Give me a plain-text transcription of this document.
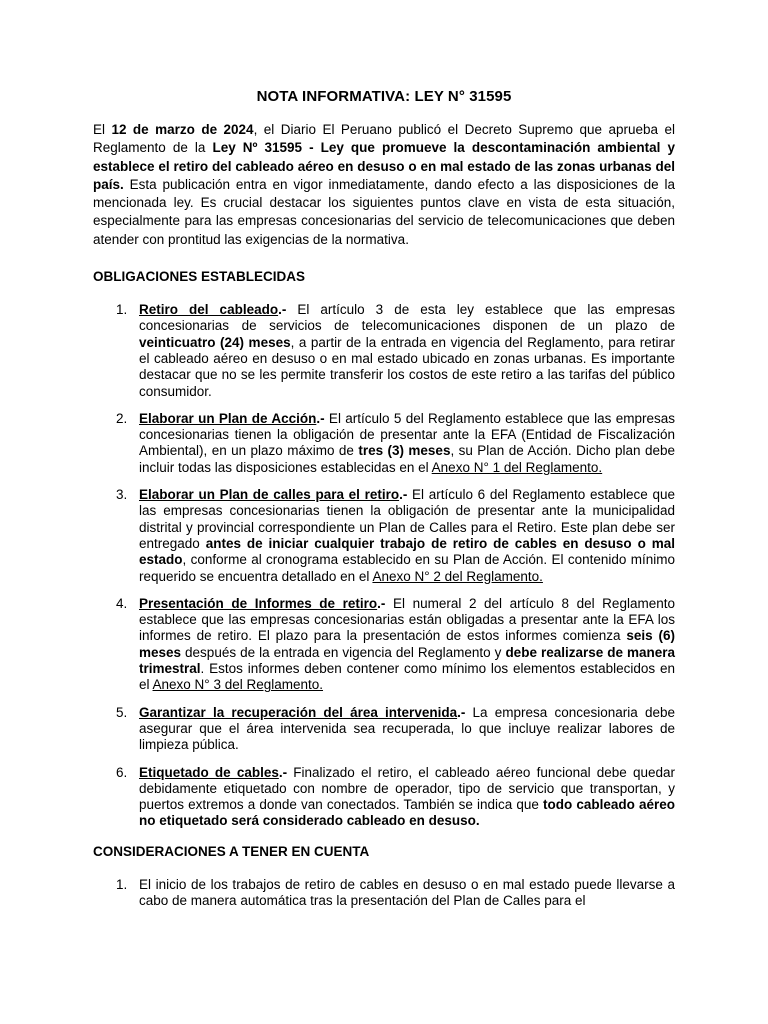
NOTA INFORMATIVA: LEY N° 31595

El 12 de marzo de 2024, el Diario El Peruano publicó el Decreto Supremo que aprueba el Reglamento de la Ley Nº 31595 - Ley que promueve la descontaminación ambiental y establece el retiro del cableado aéreo en desuso o en mal estado de las zonas urbanas del país. Esta publicación entra en vigor inmediatamente, dando efecto a las disposiciones de la mencionada ley. Es crucial destacar los siguientes puntos clave en vista de esta situación, especialmente para las empresas concesionarias del servicio de telecomunicaciones que deben atender con prontitud las exigencias de la normativa.

OBLIGACIONES ESTABLECIDAS
1. Retiro del cableado.- El artículo 3 de esta ley establece que las empresas concesionarias de servicios de telecomunicaciones disponen de un plazo de veinticuatro (24) meses, a partir de la entrada en vigencia del Reglamento, para retirar el cableado aéreo en desuso o en mal estado ubicado en zonas urbanas. Es importante destacar que no se les permite transferir los costos de este retiro a las tarifas del público consumidor.
2. Elaborar un Plan de Acción.- El artículo 5 del Reglamento establece que las empresas concesionarias tienen la obligación de presentar ante la EFA (Entidad de Fiscalización Ambiental), en un plazo máximo de tres (3) meses, su Plan de Acción. Dicho plan debe incluir todas las disposiciones establecidas en el Anexo N° 1 del Reglamento.
3. Elaborar un Plan de calles para el retiro.- El artículo 6 del Reglamento establece que las empresas concesionarias tienen la obligación de presentar ante la municipalidad distrital y provincial correspondiente un Plan de Calles para el Retiro. Este plan debe ser entregado antes de iniciar cualquier trabajo de retiro de cables en desuso o mal estado, conforme al cronograma establecido en su Plan de Acción. El contenido mínimo requerido se encuentra detallado en el Anexo N° 2 del Reglamento.
4. Presentación de Informes de retiro.- El numeral 2 del artículo 8 del Reglamento establece que las empresas concesionarias están obligadas a presentar ante la EFA los informes de retiro. El plazo para la presentación de estos informes comienza seis (6) meses después de la entrada en vigencia del Reglamento y debe realizarse de manera trimestral. Estos informes deben contener como mínimo los elementos establecidos en el Anexo N° 3 del Reglamento.
5. Garantizar la recuperación del área intervenida.- La empresa concesionaria debe asegurar que el área intervenida sea recuperada, lo que incluye realizar labores de limpieza pública.
6. Etiquetado de cables.- Finalizado el retiro, el cableado aéreo funcional debe quedar debidamente etiquetado con nombre de operador, tipo de servicio que transportan, y puertos extremos a donde van conectados. También se indica que todo cableado aéreo no etiquetado será considerado cableado en desuso.
CONSIDERACIONES A TENER EN CUENTA
1. El inicio de los trabajos de retiro de cables en desuso o en mal estado puede llevarse a cabo de manera automática tras la presentación del Plan de Calles para el
